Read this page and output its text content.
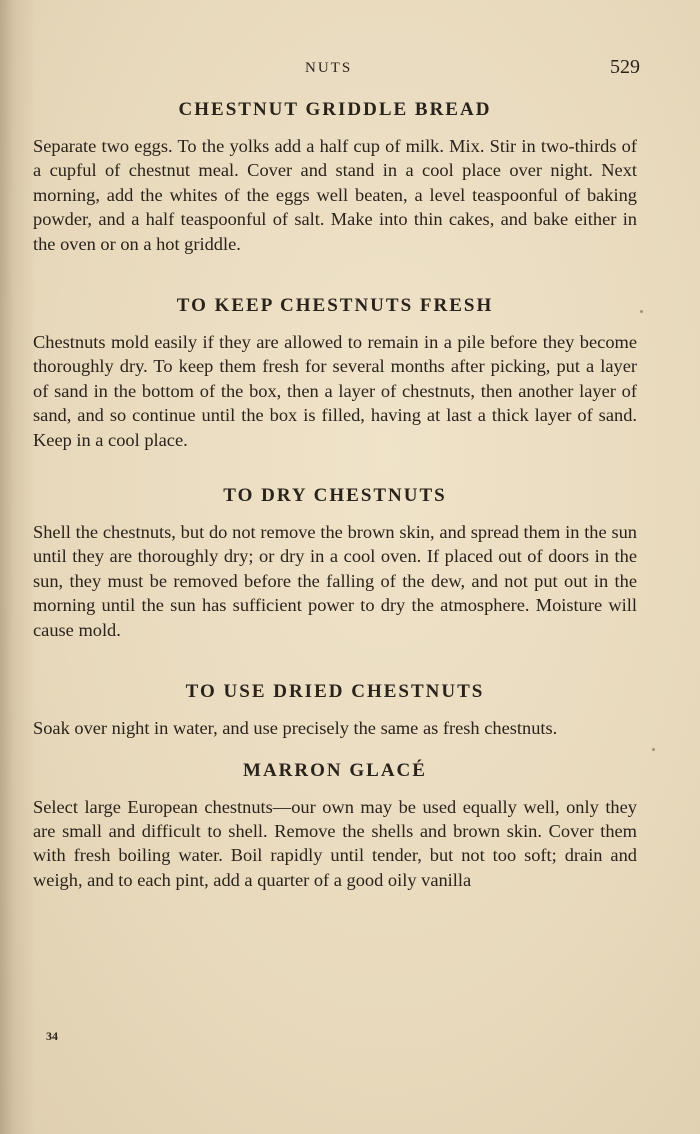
NUTS	529
CHESTNUT GRIDDLE BREAD

Separate two eggs. To the yolks add a half cup of milk. Mix. Stir in two-thirds of a cupful of chestnut meal. Cover and stand in a cool place over night. Next morning, add the whites of the eggs well beaten, a level teaspoonful of baking powder, and a half teaspoonful of salt. Make into thin cakes, and bake either in the oven or on a hot griddle.

TO KEEP CHESTNUTS FRESH

Chestnuts mold easily if they are allowed to remain in a pile before they become thoroughly dry. To keep them fresh for several months after picking, put a layer of sand in the bottom of the box, then a layer of chestnuts, then another layer of sand, and so continue until the box is filled, having at last a thick layer of sand. Keep in a cool place.

TO DRY CHESTNUTS

Shell the chestnuts, but do not remove the brown skin, and spread them in the sun until they are thoroughly dry; or dry in a cool oven. If placed out of doors in the sun, they must be removed before the falling of the dew, and not put out in the morning until the sun has sufficient power to dry the atmosphere. Moisture will cause mold.

TO USE DRIED CHESTNUTS

Soak over night in water, and use precisely the same as fresh chestnuts.

MARRON GLACÉ

Select large European chestnuts—our own may be used equally well, only they are small and difficult to shell. Remove the shells and brown skin. Cover them with fresh boiling water. Boil rapidly until tender, but not too soft; drain and weigh, and to each pint, add a quarter of a good oily vanilla

34
